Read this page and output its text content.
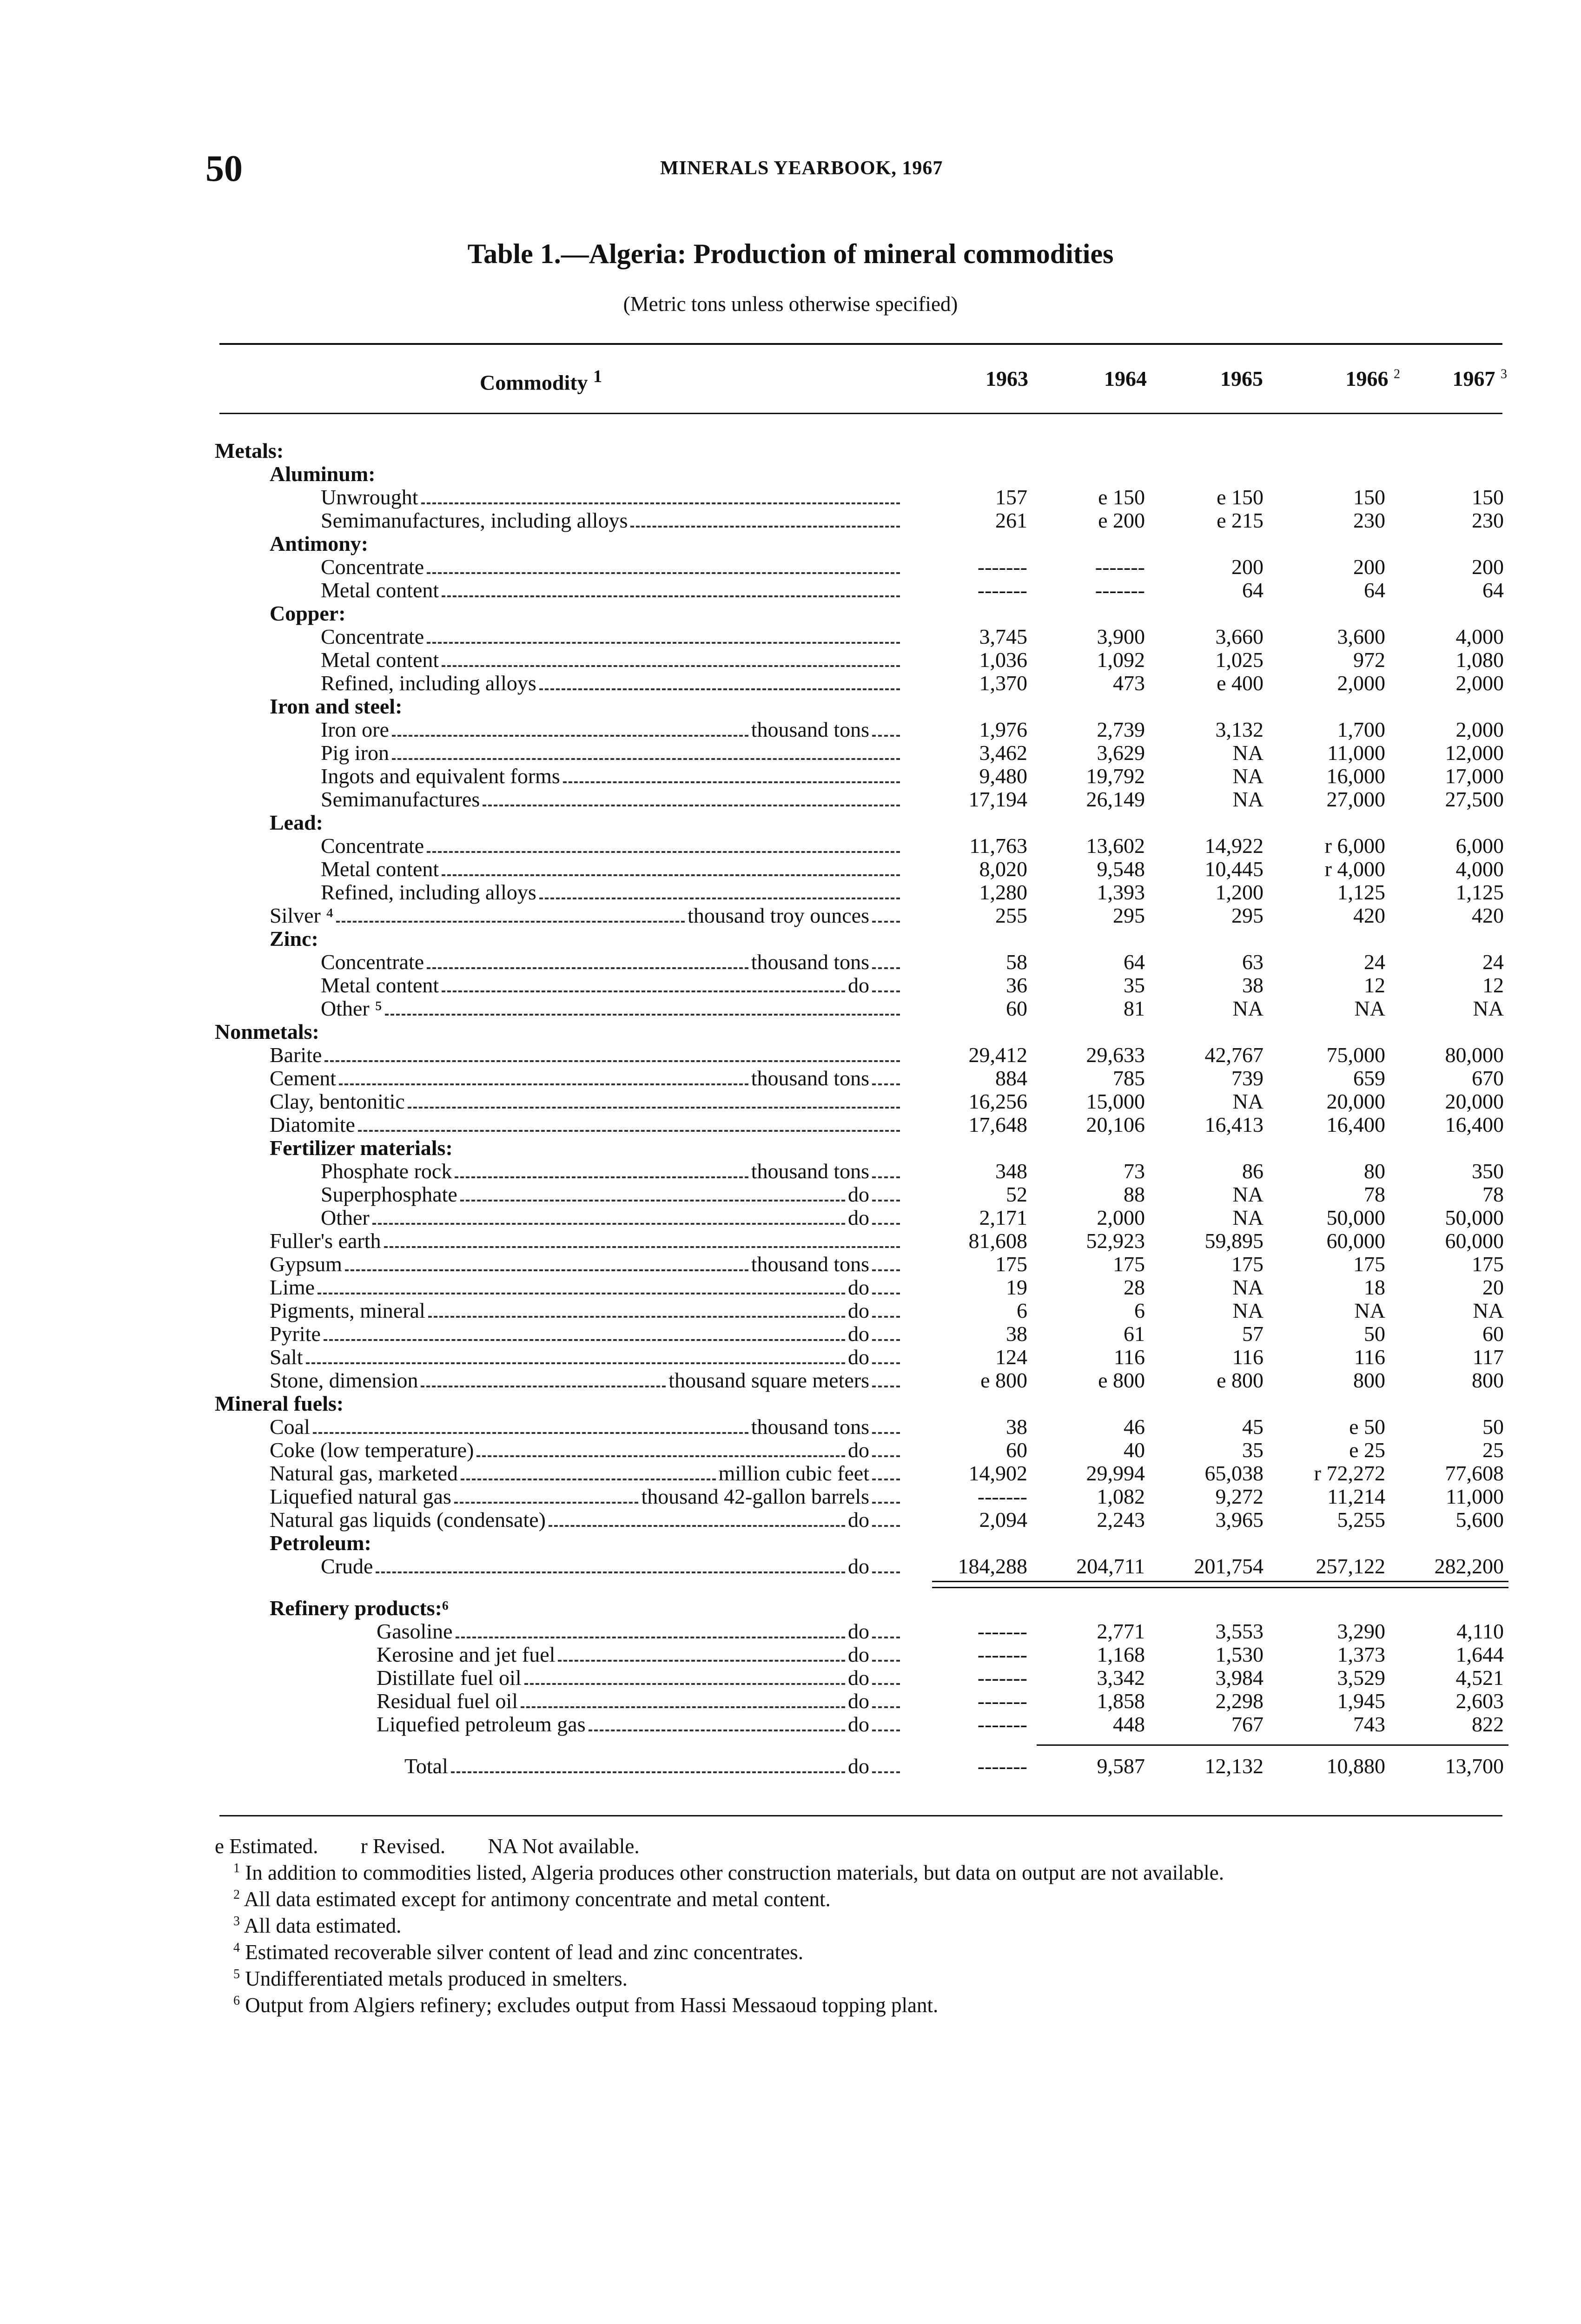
50	MINERALS YEARBOOK, 1967
Table 1.—Algeria: Production of mineral commodities
(Metric tons unless otherwise specified)
Commodity $^1$	1963	1964	1965	1966 $^2$	1967 $^3$
Metals:
Aluminum:
Unwrought	157	e 150	e 150	150	150
Semimanufactures, including alloys	261	e 200	e 215	230	230
Antimony:
Concentrate	-------	-------	200	200	200
Metal content	-------	-------	64	64	64
Copper:
Concentrate	3,745	3,900	3,660	3,600	4,000
Metal content	1,036	1,092	1,025	972	1,080
Refined, including alloys	1,370	473	e 400	2,000	2,000
Iron and steel:
Iron ore	thousand tons	1,976	2,739	3,132	1,700	2,000
Pig iron	3,462	3,629	NA	11,000	12,000
Ingots and equivalent forms	9,480	19,792	NA	16,000	17,000
Semimanufactures	17,194	26,149	NA	27,000	27,500
Lead:
Concentrate	11,763	13,602	14,922	r 6,000	6,000
Metal content	8,020	9,548	10,445	r 4,000	4,000
Refined, including alloys	1,280	1,393	1,200	1,125	1,125
Silver ⁴	thousand troy ounces	255	295	295	420	420
Zinc:
Concentrate	thousand tons	58	64	63	24	24
Metal content	do	36	35	38	12	12
Other ⁵	60	81	NA	NA	NA
Nonmetals:
Barite	29,412	29,633	42,767	75,000	80,000
Cement	thousand tons	884	785	739	659	670
Clay, bentonitic	16,256	15,000	NA	20,000	20,000
Diatomite	17,648	20,106	16,413	16,400	16,400
Fertilizer materials:
Phosphate rock	thousand tons	348	73	86	80	350
Superphosphate	do	52	88	NA	78	78
Other	do	2,171	2,000	NA	50,000	50,000
Fuller's earth	81,608	52,923	59,895	60,000	60,000
Gypsum	thousand tons	175	175	175	175	175
Lime	do	19	28	NA	18	20
Pigments, mineral	do	6	6	NA	NA	NA
Pyrite	do	38	61	57	50	60
Salt	do	124	116	116	116	117
Stone, dimension	thousand square meters	e 800	e 800	e 800	800	800
Mineral fuels:
Coal	thousand tons	38	46	45	e 50	50
Coke (low temperature)	do	60	40	35	e 25	25
Natural gas, marketed	million cubic feet	14,902	29,994	65,038	r 72,272	77,608
Liquefied natural gas	thousand 42-gallon barrels	-------	1,082	9,272	11,214	11,000
Natural gas liquids (condensate)	do	2,094	2,243	3,965	5,255	5,600
Petroleum:
Crude	do	184,288	204,711	201,754	257,122	282,200
Refinery products:⁶
Gasoline	do	-------	2,771	3,553	3,290	4,110
Kerosine and jet fuel	do	-------	1,168	1,530	1,373	1,644
Distillate fuel oil	do	-------	3,342	3,984	3,529	4,521
Residual fuel oil	do	-------	1,858	2,298	1,945	2,603
Liquefied petroleum gas	do	-------	448	767	743	822
Total	do	-------	9,587	12,132	10,880	13,700
e Estimated. r Revised. NA Not available.
$^1$ In addition to commodities listed, Algeria produces other construction materials, but data on output are not available.
$^2$ All data estimated except for antimony concentrate and metal content.
$^3$ All data estimated.
$^4$ Estimated recoverable silver content of lead and zinc concentrates.
$^5$ Undifferentiated metals produced in smelters.
$^6$ Output from Algiers refinery; excludes output from Hassi Messaoud topping plant.
